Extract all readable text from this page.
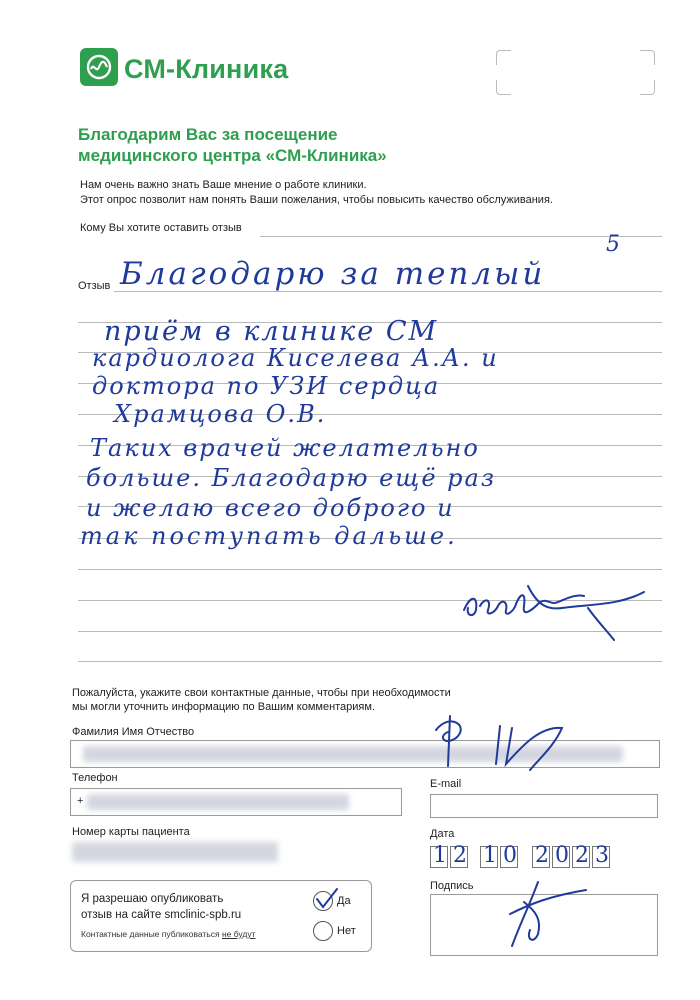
СМ-Клиника
Благодарим Вас за посещение
медицинского центра «СМ-Клиника»
Нам очень важно знать Ваше мнение о работе клиники.
Этот опрос позволит нам понять Ваши пожелания, чтобы повысить качество обслуживания.
Кому Вы хотите оставить отзыв
Отзыв
5
Благодарю за теплый
приём в клинике СМ
кардиолога Киселева А.А. и
доктора по УЗИ сердца
Храмцова О.В.
Таких врачей желательно
больше. Благодарю ещё раз
и желаю всего доброго и
так поступать дальше.
Пожалуйста, укажите свои контактные данные, чтобы при необходимости
мы могли уточнить информацию по Вашим комментариям.
Фамилия Имя Отчество
Телефон
+
E-mail
Номер карты пациента	Дата
1 2 1 0 2 0 2 3
Я разрешаю опубликовать
отзыв на сайте smclinic-spb.ru
Контактные данные публиковаться не будут
Да
Нет
Подпись
